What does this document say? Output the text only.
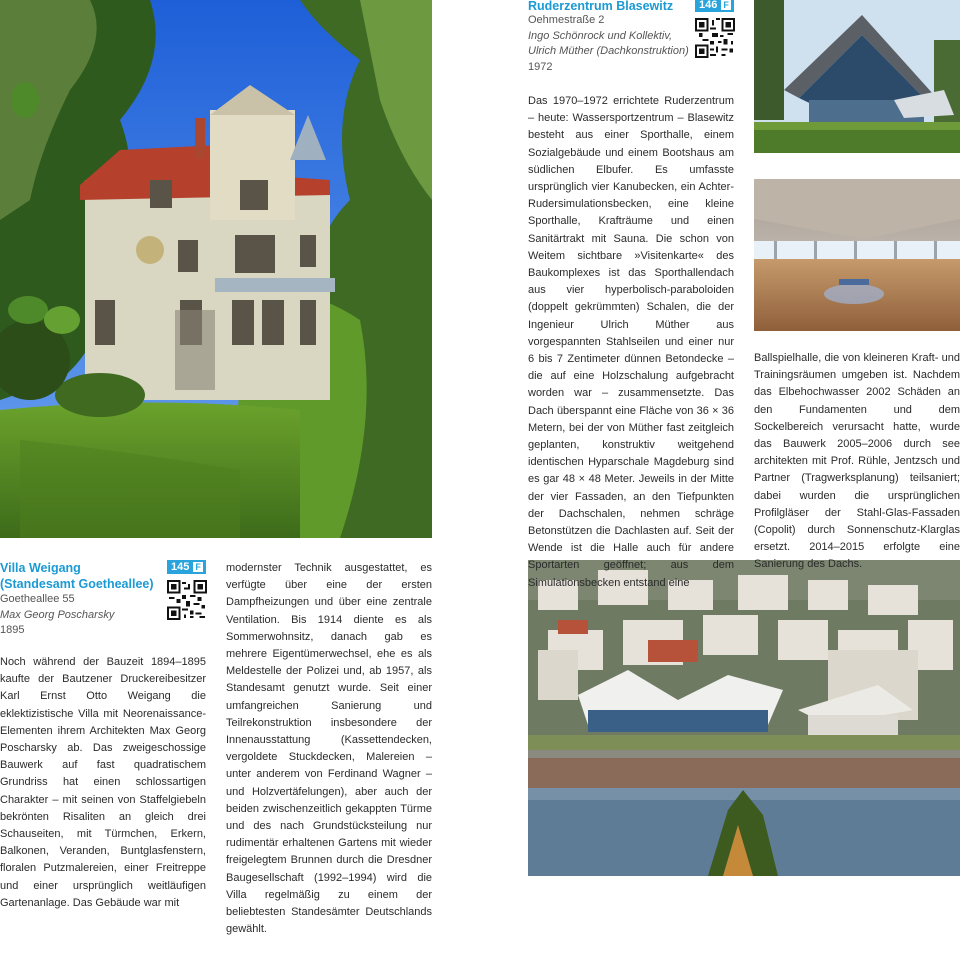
Villa Weigang
(Standesamt Goetheallee)
Goetheallee 55
Max Georg Poscharsky
1895
145 F

Noch während der Bauzeit 1894–1895 kaufte der Bautzener Druckereibesitzer Karl Ernst Otto Weigang die eklektizistische Villa mit Neorenaissance-Elementen ihrem Architekten Max Georg Poscharsky ab. Das zweigeschossige Bauwerk auf fast quadratischem Grundriss hat einen schlossartigen Charakter – mit seinen von Staffelgiebeln bekrönten Risaliten an gleich drei Schauseiten, mit Türmchen, Erkern, Balkonen, Veranden, Buntglasfenstern, floralen Putzmalereien, einer Freitreppe und einer ursprünglich weitläufigen Gartenanlage. Das Gebäude war mit

modernster Technik ausgestattet, es verfügte über eine der ersten Dampfheizungen und über eine zentrale Ventilation. Bis 1914 diente es als Sommerwohnsitz, danach gab es mehrere Eigentümerwechsel, ehe es als Meldestelle der Polizei und, ab 1957, als Standesamt genutzt wurde. Seit einer umfangreichen Sanierung und Teilrekonstruktion insbesondere der Innenausstattung (Kassettendecken, vergoldete Stuckdecken, Malereien – unter anderem von Ferdinand Wagner – und Holzvertäfelungen), aber auch der beiden zwischenzeitlich gekappten Türme und des nach Grundstücksteilung nur rudimentär erhaltenen Gartens mit wieder freigelegtem Brunnen durch die Dresdner Baugesellschaft (1992–1994) wird die Villa regelmäßig zu einem der beliebtesten Standesämter Deutschlands gewählt.

Ruderzentrum Blasewitz
Oehmestraße 2
Ingo Schönrock und Kollektiv,
Ulrich Müther (Dachkonstruktion)
1972
146 F

Das 1970–1972 errichtete Ruderzentrum – heute: Wassersportzentrum – Blasewitz besteht aus einer Sporthalle, einem Sozialgebäude und einem Bootshaus am südlichen Elbufer. Es umfasste ursprünglich vier Kanubecken, ein Achter-Rudersimulationsbecken, eine kleine Sporthalle, Krafträume und einen Sanitärtrakt mit Sauna. Die schon von Weitem sichtbare »Visitenkarte« des Baukomplexes ist das Sporthallendach aus vier hyperbolisch-paraboloiden (doppelt gekrümmten) Schalen, die der Ingenieur Ulrich Müther aus vorgespannten Stahlseilen und einer nur 6 bis 7 Zentimeter dünnen Betondecke – die auf eine Holzschalung aufgebracht worden war – zusammensetzte. Das Dach überspannt eine Fläche von 36 × 36 Metern, bei der von Müther fast zeitgleich geplanten, konstruktiv weitgehend identischen Hyparschale Magdeburg sind es gar 48 × 48 Meter. Jeweils in der Mitte der vier Fassaden, an den Tiefpunkten der Dachschalen, nehmen schräge Betonstützen die Dachlasten auf. Seit der Wende ist die Halle auch für andere Sportarten geöffnet; aus dem Simulationsbecken entstand eine

Ballspielhalle, die von kleineren Kraft- und Trainingsräumen umgeben ist. Nachdem das Elbehochwasser 2002 Schäden an den Fundamenten und dem Sockelbereich verursacht hatte, wurde das Bauwerk 2005–2006 durch see architekten mit Prof. Rühle, Jentzsch und Partner (Tragwerksplanung) teilsaniert; dabei wurden die ursprünglichen Profilgläser der Stahl-Glas-Fassaden (Copolit) durch Sonnenschutz-Klarglas ersetzt. 2014–2015 erfolgte eine Sanierung des Dachs.
